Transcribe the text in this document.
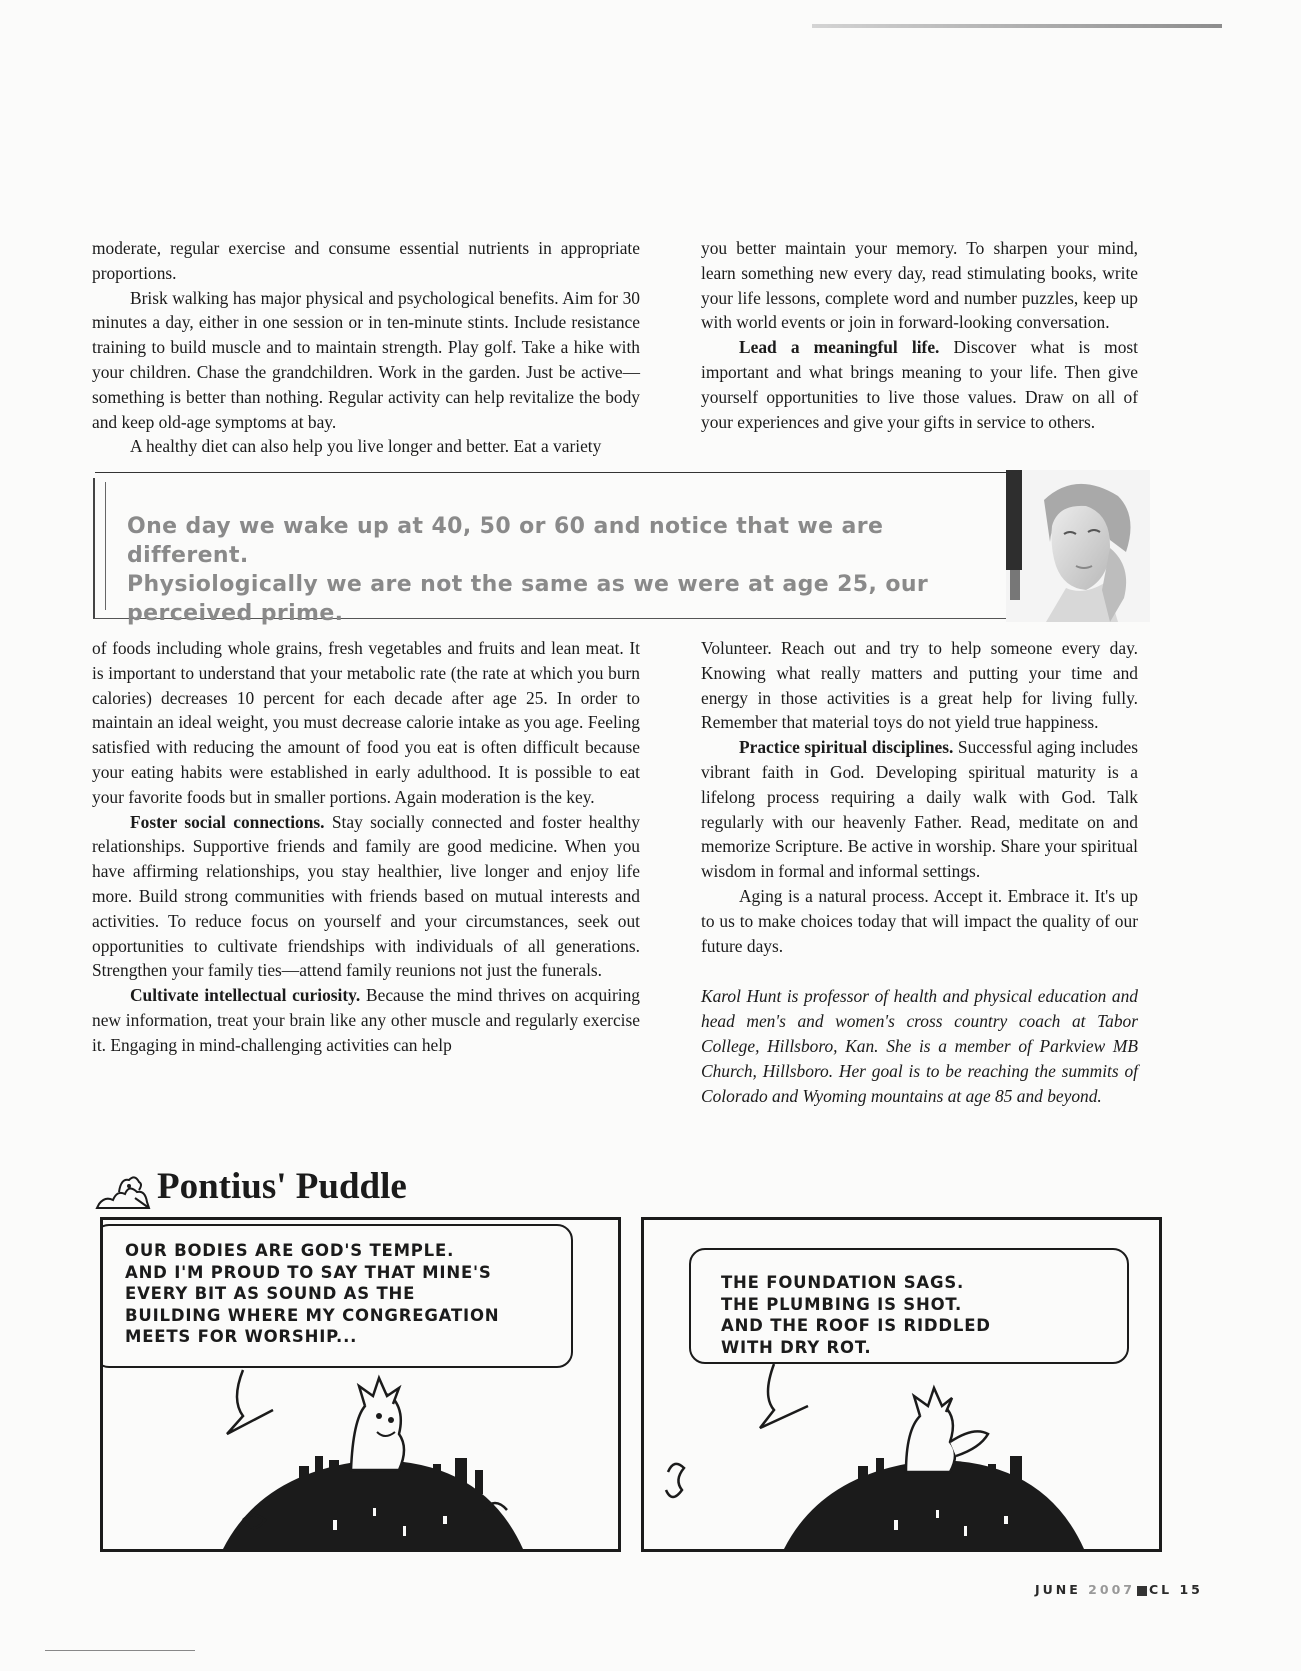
moderate, regular exercise and consume essential nutrients in appropriate proportions.

Brisk walking has major physical and psychological benefits. Aim for 30 minutes a day, either in one session or in ten-minute stints. Include resistance training to build muscle and to maintain strength. Play golf. Take a hike with your children. Chase the grandchildren. Work in the garden. Just be active—something is better than nothing. Regular activity can help revitalize the body and keep old-age symptoms at bay.

A healthy diet can also help you live longer and better. Eat a variety

you better maintain your memory. To sharpen your mind, learn something new every day, read stimulating books, write your life lessons, complete word and number puzzles, keep up with world events or join in forward-looking conversation.

Lead a meaningful life. Discover what is most important and what brings meaning to your life. Then give yourself opportunities to live those values. Draw on all of your experiences and give your gifts in service to others.

One day we wake up at 40, 50 or 60 and notice that we are different.
Physiologically we are not the same as we were at age 25, our perceived prime.

of foods including whole grains, fresh vegetables and fruits and lean meat. It is important to understand that your metabolic rate (the rate at which you burn calories) decreases 10 percent for each decade after age 25. In order to maintain an ideal weight, you must decrease calorie intake as you age. Feeling satisfied with reducing the amount of food you eat is often difficult because your eating habits were established in early adulthood. It is possible to eat your favorite foods but in smaller portions. Again moderation is the key.

Foster social connections. Stay socially connected and foster healthy relationships. Supportive friends and family are good medicine. When you have affirming relationships, you stay healthier, live longer and enjoy life more. Build strong communities with friends based on mutual interests and activities. To reduce focus on yourself and your circumstances, seek out opportunities to cultivate friendships with individuals of all generations. Strengthen your family ties—attend family reunions not just the funerals.

Cultivate intellectual curiosity. Because the mind thrives on acquiring new information, treat your brain like any other muscle and regularly exercise it. Engaging in mind-challenging activities can help

Volunteer. Reach out and try to help someone every day. Knowing what really matters and putting your time and energy in those activities is a great help for living fully. Remember that material toys do not yield true happiness.

Practice spiritual disciplines. Successful aging includes vibrant faith in God. Developing spiritual maturity is a lifelong process requiring a daily walk with God. Talk regularly with our heavenly Father. Read, meditate on and memorize Scripture. Be active in worship. Share your spiritual wisdom in formal and informal settings.

Aging is a natural process. Accept it. Embrace it. It's up to us to make choices today that will impact the quality of our future days.

Karol Hunt is professor of health and physical education and head men's and women's cross country coach at Tabor College, Hillsboro, Kan. She is a member of Parkview MB Church, Hillsboro. Her goal is to be reaching the summits of Colorado and Wyoming mountains at age 85 and beyond.

Pontius' Puddle
OUR BODIES ARE GOD'S TEMPLE.
AND I'M PROUD TO SAY THAT MINE'S
EVERY BIT AS SOUND AS THE
BUILDING WHERE MY CONGREGATION
MEETS FOR WORSHIP...
THE FOUNDATION SAGS.
THE PLUMBING IS SHOT.
AND THE ROOF IS RIDDLED
WITH DRY ROT.
JUNE 2007 CL 15
